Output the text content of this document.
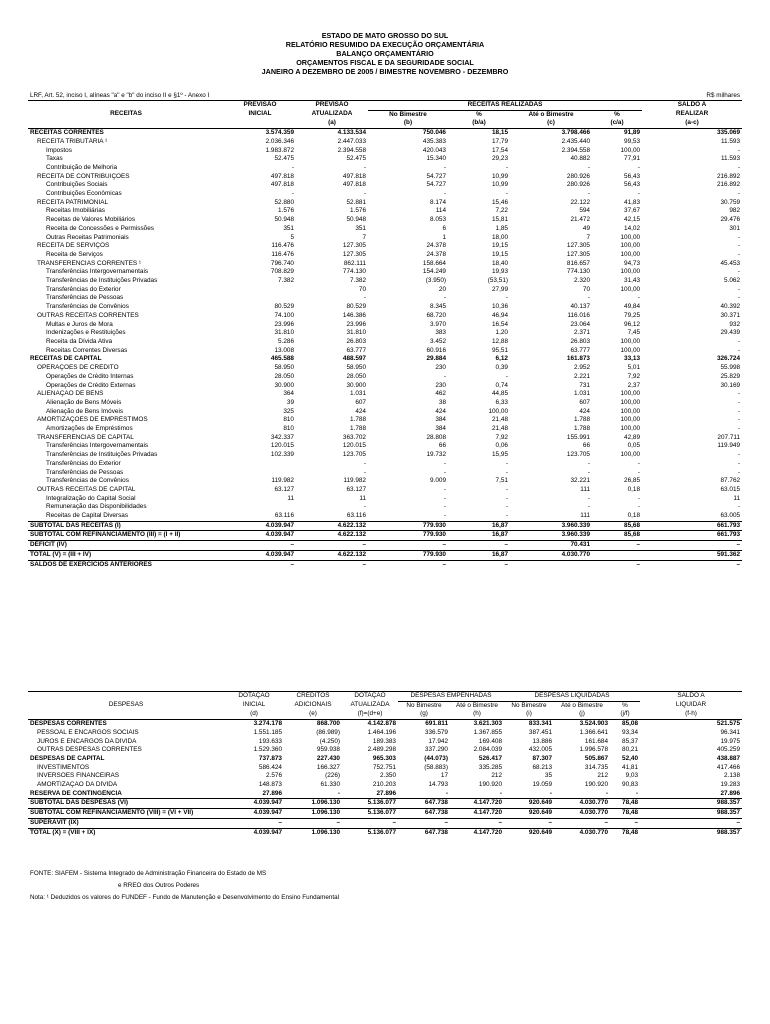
ESTADO DE MATO GROSSO DO SUL
RELATÓRIO RESUMIDO DA EXECUÇÃO ORÇAMENTÁRIA
BALANÇO ORÇAMENTÁRIO
ORÇAMENTOS FISCAL E DA SEGURIDADE SOCIAL
JANEIRO A DEZEMBRO DE 2005 / BIMESTRE NOVEMBRO - DEZEMBRO
LRF, Art. 52, inciso I, alíneas "a" e "b" do inciso II e §1º - Anexo I	R$ milhares
RECEITAS	PREVISÃO	PREVISÃO	RECEITAS REALIZADAS				SALDO A
	INICIAL	ATUALIZADA	No Bimestre	%	Até o Bimestre	%	REALIZAR
		(a)	(b)	(b/a)	(c)	(c/a)	(a-c)
RECEITAS CORRENTES	3.574.359	4.133.534	750.046	18,15	3.798.466	91,89	335.069
RECEITA TRIBUTÁRIA ¹	2.036.346	2.447.033	435.383	17,79	2.435.440	99,53	11.593
Impostos	1.983.872	2.394.558	420.043	17,54	2.394.558	100,00	-
Taxas	52.475	52.475	15.340	29,23	40.882	77,91	11.593
Contribuição de Melhoria	-	-	-	-	-	-	-
RECEITA DE CONTRIBUIÇÕES	497.818	497.818	54.727	10,99	280.926	56,43	216.892
Contribuições Sociais	497.818	497.818	54.727	10,99	280.926	56,43	216.892
Contribuições Econômicas	-	-	-	-	-	-	-
RECEITA PATRIMONIAL	52.880	52.881	8.174	15,46	22.122	41,83	30.759
Receitas Imobiliárias	1.576	1.576	114	7,22	594	37,67	982
Receitas de Valores Mobiliários	50.948	50.948	8.053	15,81	21.472	42,15	29.476
Receita de Concessões e Permissões	351	351	6	1,85	49	14,02	301
Outras Receitas Patrimoniais	5	7	1	18,00	7	100,00	-
RECEITA DE SERVIÇOS	116.476	127.305	24.378	19,15	127.305	100,00	-
Receita de Serviços	116.476	127.305	24.378	19,15	127.305	100,00	-
TRANSFERÊNCIAS CORRENTES ¹	796.740	862.111	158.664	18,40	816.657	94,73	45.453
Transferências Intergovernamentais	708.829	774.130	154.249	19,93	774.130	100,00	-
Transferências de Instituições Privadas	7.382	7.382	(3.950)	(53,51)	2.320	31,43	5.062
Transferências do Exterior		70	20	27,99	70	100,00	-
Transferências de Pessoas		-	-	-	-	-	-
Transferências de Convênios	80.529	80.529	8.345	10,36	40.137	49,84	40.392
OUTRAS RECEITAS CORRENTES	74.100	146.386	68.720	46,94	116.016	79,25	30.371
Multas e Juros de Mora	23.996	23.996	3.970	16,54	23.064	96,12	932
Indenizações e Restituições	31.810	31.810	383	1,20	2.371	7,45	29.439
Receita da Dívida Ativa	5.286	26.803	3.452	12,88	26.803	100,00	-
Receitas Correntes Diversas	13.008	63.777	60.916	95,51	63.777	100,00	-
RECEITAS DE CAPITAL	465.588	488.597	29.884	6,12	161.873	33,13	326.724
OPERAÇÕES DE CRÉDITO	58.950	58.950	230	0,39	2.952	5,01	55.998
Operações de Crédito Internas	28.050	28.050	-	-	2.221	7,92	25.829
Operações de Crédito Externas	30.900	30.900	230	0,74	731	2,37	30.169
ALIENAÇÃO DE BENS	364	1.031	462	44,85	1.031	100,00	-
Alienação de Bens Móveis	39	607	38	6,33	607	100,00	-
Alienação de Bens Imóveis	325	424	424	100,00	424	100,00	-
AMORTIZAÇÕES DE EMPRÉSTIMOS	810	1.788	384	21,48	1.788	100,00	-
Amortizações de Empréstimos	810	1.788	384	21,48	1.788	100,00	-
TRANSFERÊNCIAS DE CAPITAL	342.337	363.702	28.808	7,92	155.991	42,89	207.711
Transferências Intergovernamentais	120.015	120.015	66	0,06	66	0,05	119.949
Transferências de Instituições Privadas	102.339	123.705	19.732	15,95	123.705	100,00	-
Transferências do Exterior		-	-	-	-	-	-
Transferências de Pessoas		-	-	-	-	-	-
Transferências de Convênios	119.982	119.982	9.009	7,51	32.221	26,85	87.762
OUTRAS RECEITAS DE CAPITAL	63.127	63.127	-	-	111	0,18	63.015
Integralização do Capital Social	11	11	-	-	-	-	11
Remuneração das Disponibilidades		-	-	-	-	-	-
Receitas de Capital Diversas	63.116	63.116	-	-	111	0,18	63.005
SUBTOTAL DAS RECEITAS (I)	4.039.947	4.622.132	779.930	16,87	3.960.339	85,68	661.793
SUBTOTAL COM REFINANCIAMENTO (III) = (I + II)	4.039.947	4.622.132	779.930	16,87	3.960.339	85,68	661.793
DÉFICIT (IV)	–	–	–	–	70.431	–	–
TOTAL (V) = (III + IV)	4.039.947	4.622.132	779.930	16,87	4.030.770		591.362
SALDOS DE EXERCÍCIOS ANTERIORES	–	–	–	–		–	–
DESPESAS	DOTAÇÃO	CRÉDITOS	DOTAÇÃO	DESPESAS EMPENHADAS		DESPESAS LIQUIDADAS			SALDO A
	INICIAL	ADICIONAIS	ATUALIZADA	No Bimestre	Até o Bimestre	No Bimestre	Até o Bimestre	%	LIQUIDAR
	(d)	(e)	(f)=(d+e)	(g)	(h)	(i)	(j)	(j/f)	(f-h)
DESPESAS CORRENTES	3.274.178	868.700	4.142.878	691.811	3.621.303	833.341	3.524.903	85,08	521.575
PESSOAL E ENCARGOS SOCIAIS	1.551.185	(86.989)	1.464.196	336.579	1.367.855	387.451	1.366.641	93,34	96.341
JUROS E ENCARGOS DA DÍVIDA	193.633	(4.250)	189.383	17.942	169.408	13.886	161.684	85,37	19.975
OUTRAS DESPESAS CORRENTES	1.529.360	959.938	2.489.298	337.290	2.084.039	432.005	1.996.578	80,21	405.259
DESPESAS DE CAPITAL	737.873	227.430	965.303	(44.073)	526.417	87.307	505.867	52,40	438.887
INVESTIMENTOS	586.424	166.327	752.751	(58.883)	335.285	68.213	314.735	41,81	417.466
INVERSÕES FINANCEIRAS	2.576	(226)	2.350	17	212	35	212	9,03	2.138
AMORTIZAÇÃO DA DÍVIDA	148.873	61.330	210.203	14.793	190.920	19.059	190.920	90,83	19.283
RESERVA DE CONTINGÊNCIA	27.896	-	27.896	-	-	-	-	-	27.896
SUBTOTAL DAS DESPESAS (VI)	4.039.947	1.096.130	5.136.077	647.738	4.147.720	920.649	4.030.770	78,48	988.357
SUBTOTAL COM REFINANCIAMENTO (VIII) = (VI + VII)	4.039.947	1.096.130	5.136.077	647.738	4.147.720	920.649	4.030.770	78,48	988.357
SUPERÁVIT (IX)	–	–	–	–	–	–	–	–	–
TOTAL (X) = (VIII + IX)	4.039.947	1.096.130	5.136.077	647.738	4.147.720	920.649	4.030.770	78,48	988.357
FONTE: SIAFEM - Sistema Integrado de Administração Financeira do Estado de MS
e RREO dos Outros Poderes
Nota: ¹ Deduzidos os valores do FUNDEF - Fundo de Manutenção e Desenvolvimento do Ensino Fundamental
